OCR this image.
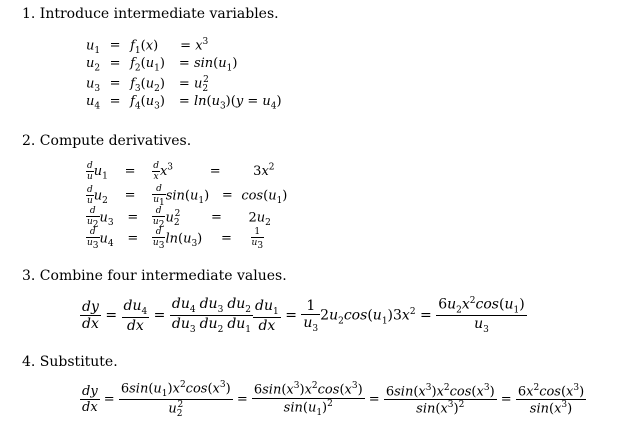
1. Introduce intermediate variables.
$u_1 = f_1(x) = x^3$
$u_2 = f_2(u_1) = \sin(u_1)$
$u_3 = f_3(u_2) = u_2^2$
$u_4 = f_4(u_3) = \ln(u_3)(y = u_4)$
2. Compute derivatives.
$\frac{d}{u} u_1 = \frac{d}{x} x^3$	=	$3x^2$
$\frac{d}{u} u_2 = \frac{d}{u_1} \sin(u_1) = \cos(u_1)$
$\frac{d}{u_2} u_3 = \frac{d}{u_2} u_2^2 = 2u_2$
$\frac{d}{u_3} u_4 = \frac{d}{u_3} \ln(u_3) = \frac{1}{u_3}$
3. Combine four intermediate values.
$\frac{dy}{dx} = \frac{du_4}{dx} = \frac{du_4}{du_3} \frac{du_3}{du_2} \frac{du_2}{du_1} \frac{du_1}{dx} = \frac{1}{u_3} 2u_2\cos(u_1)3x^2 = \frac{6u_2x^2\cos(u_1)}{u_3}$
4. Substitute.
$\frac{dy}{dx} = \frac{6\sin(u_1)x^2\cos(x^3)}{u_2^2} = \frac{6\sin(x^3)x^2\cos(x^3)}{\sin(u_1)^2} = \frac{6\sin(x^3)x^2\cos(x^3)}{\sin(x^3)^2} = \frac{6x^2\cos(x^3)}{\sin(x^3)}$
